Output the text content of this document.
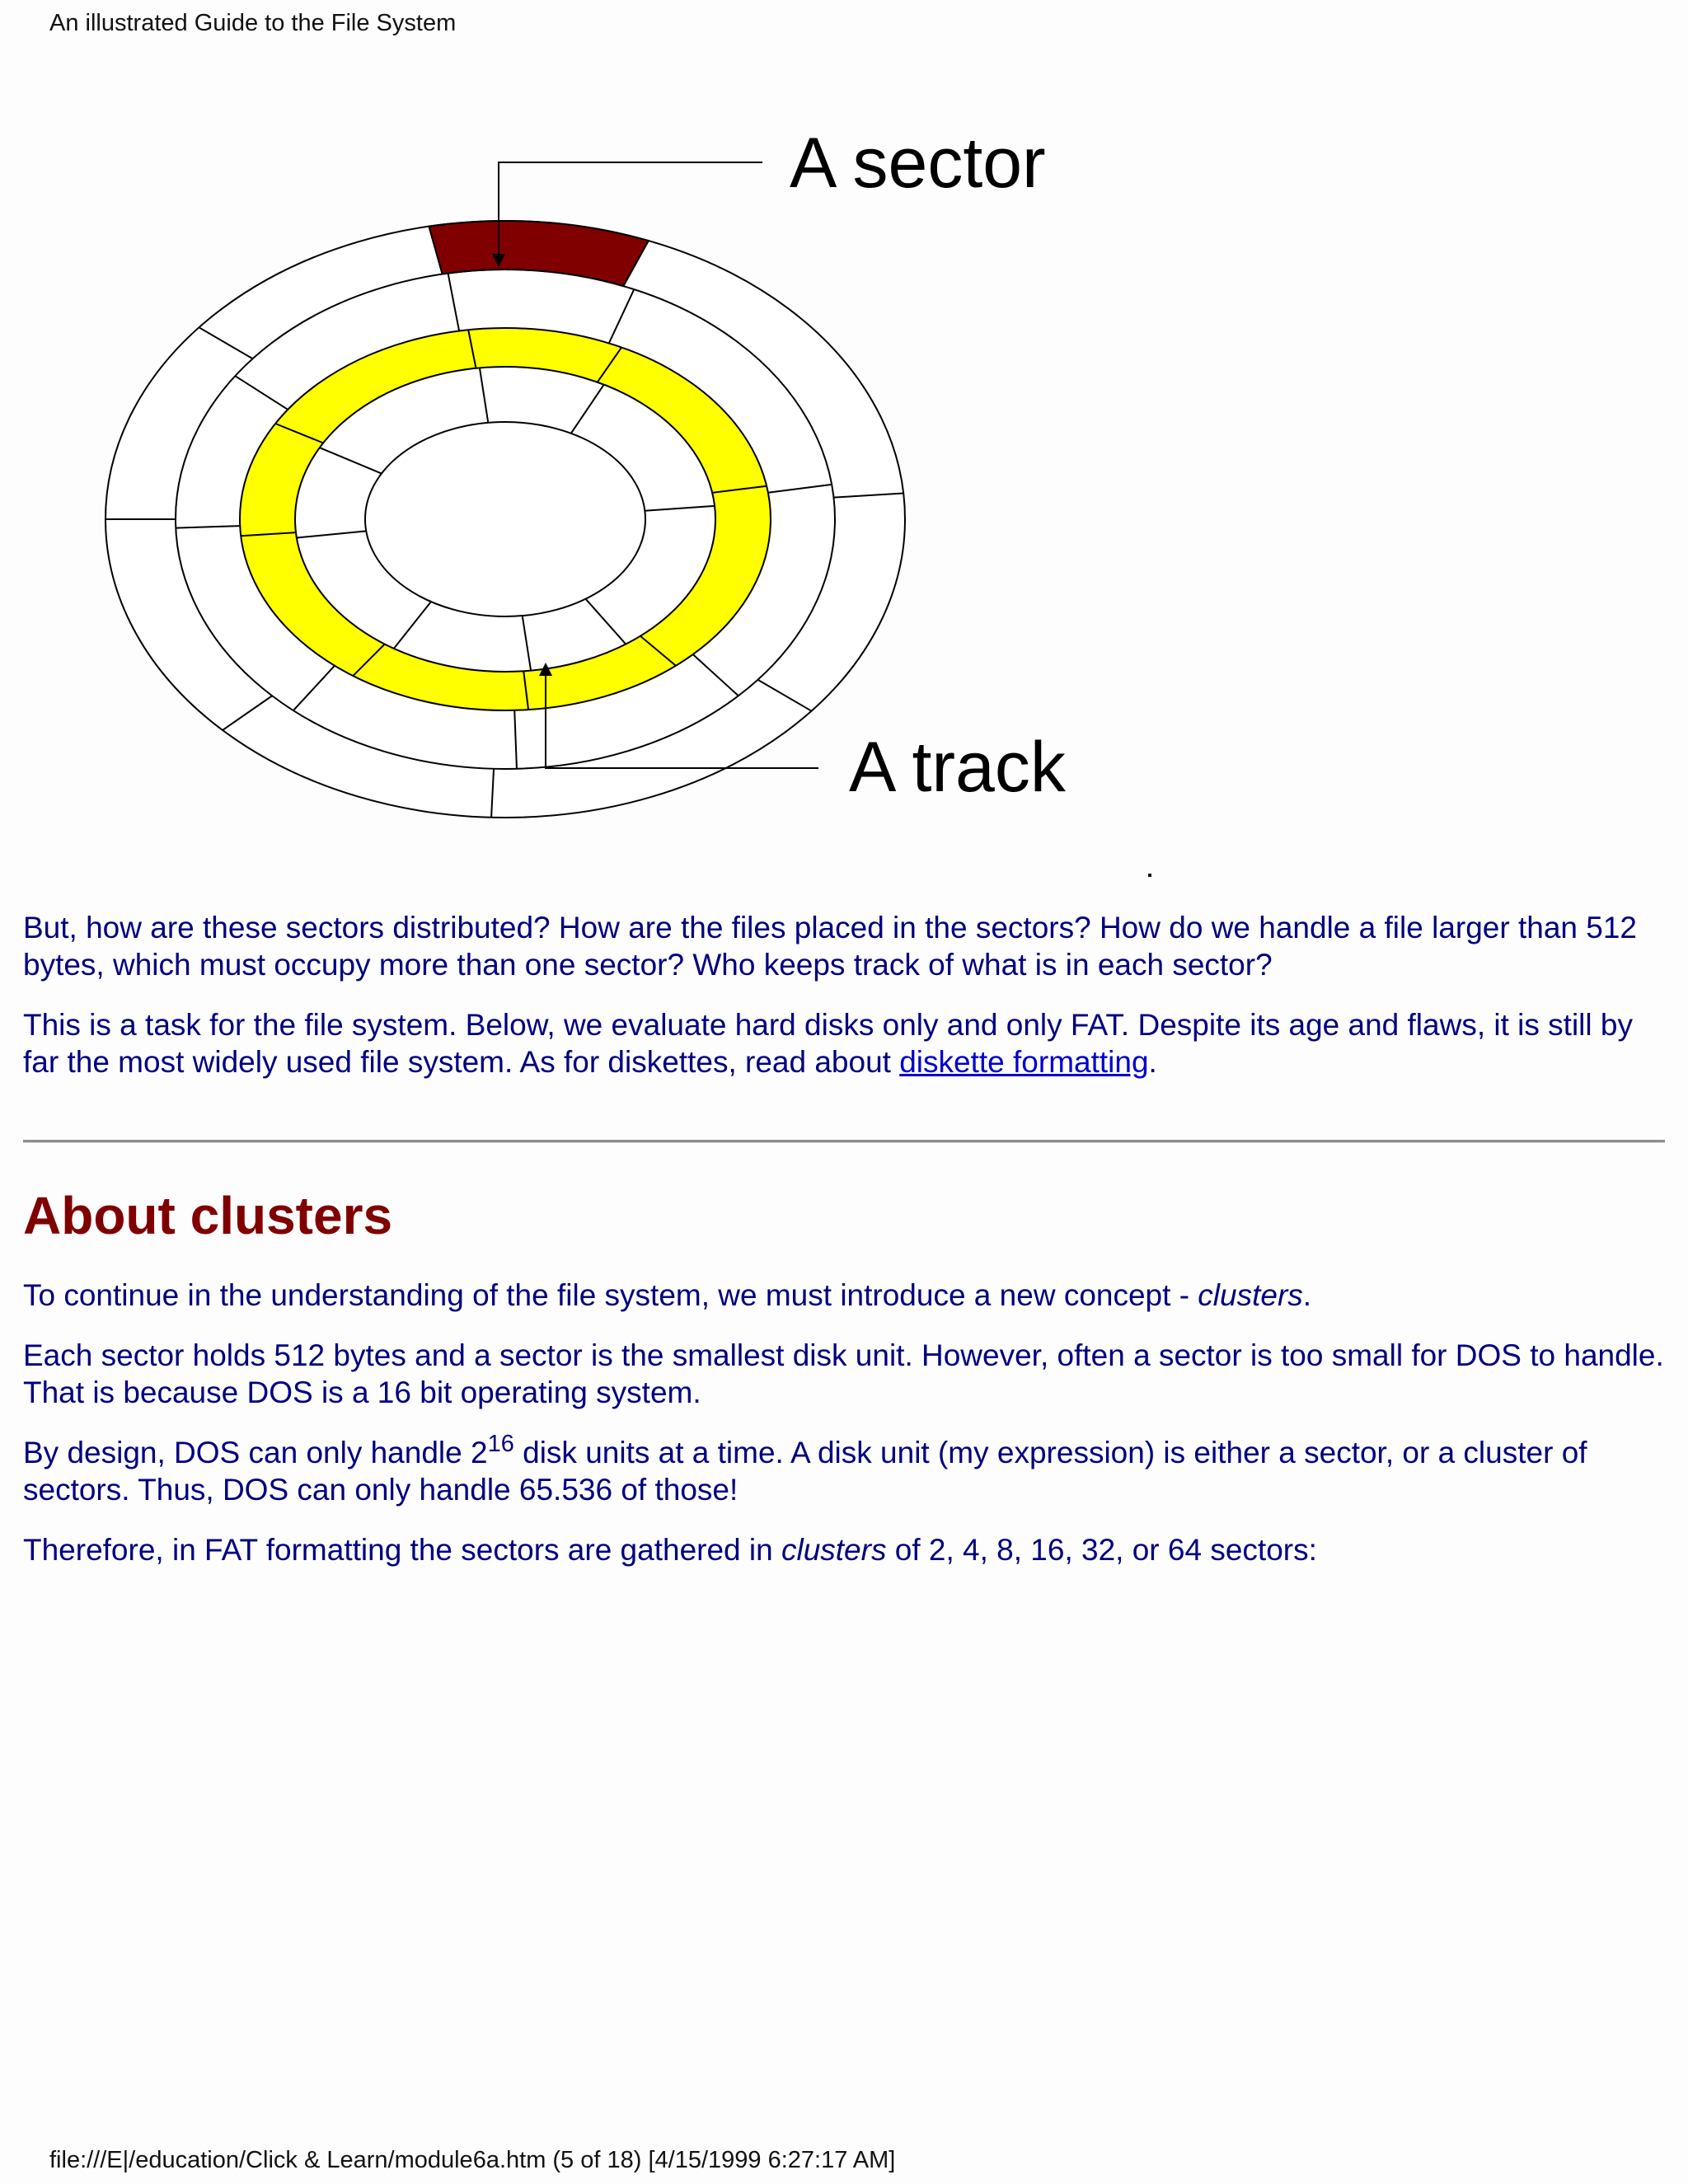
An illustrated Guide to the File System
A sector
A track

But, how are these sectors distributed? How are the files placed in the sectors? How do we handle a file larger than 512 bytes, which must occupy more than one sector? Who keeps track of what is in each sector?

This is a task for the file system. Below, we evaluate hard disks only and only FAT. Despite its age and flaws, it is still by far the most widely used file system. As for diskettes, read about diskette formatting.

About clusters

To continue in the understanding of the file system, we must introduce a new concept - clusters.

Each sector holds 512 bytes and a sector is the smallest disk unit. However, often a sector is too small for DOS to handle. That is because DOS is a 16 bit operating system.

By design, DOS can only handle $2^{16}$ disk units at a time. A disk unit (my expression) is either a sector, or a cluster of sectors. Thus, DOS can only handle 65.536 of those!

Therefore, in FAT formatting the sectors are gathered in clusters of 2, 4, 8, 16, 32, or 64 sectors:

file:///E|/education/Click & Learn/module6a.htm (5 of 18) [4/15/1999 6:27:17 AM]
